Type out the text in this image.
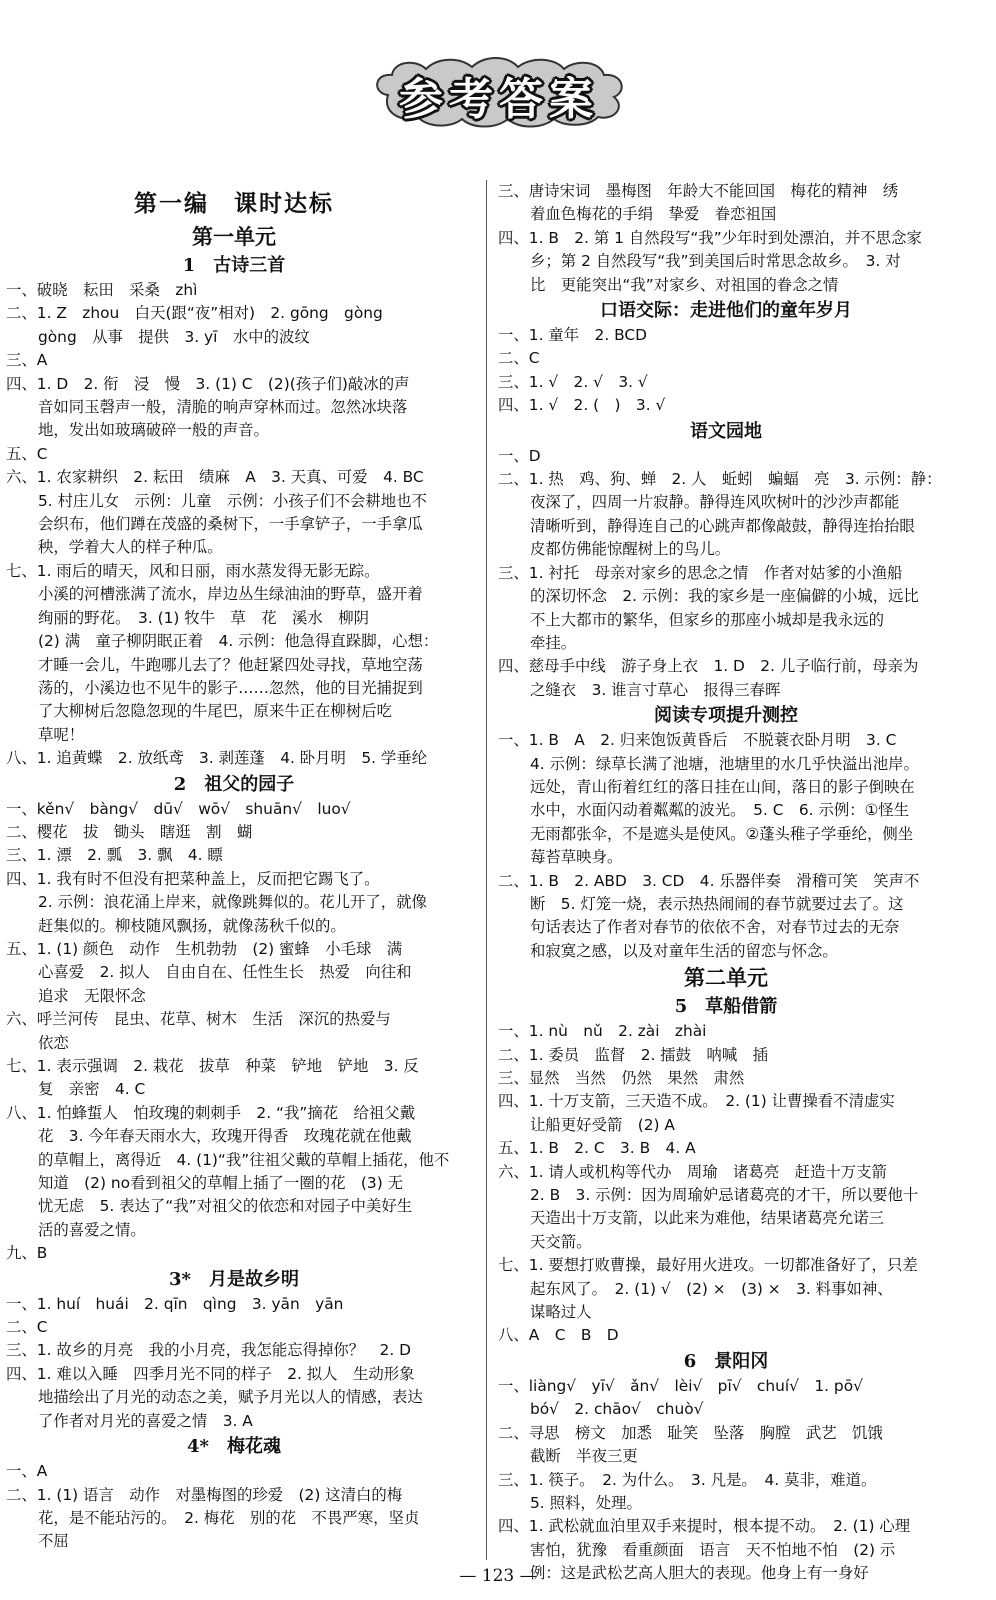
参考答案
第一编　课时达标
第一单元
1　古诗三首
一、破晓　耘田　采桑　zhì
二、1. Z　zhou　白天(跟“夜”相对)　2. gōng　gòng
gòng　从事　提供　3. yī　水中的波纹
三、A
四、1. D　2. 衔　浸　慢　3. (1) C　(2)(孩子们)敲冰的声
音如同玉磬声一般，清脆的响声穿林而过。忽然冰块落
地，发出如玻璃破碎一般的声音。
五、C
六、1. 农家耕织　2. 耘田　绩麻　A　3. 天真、可爱　4. BC
5. 村庄儿女　示例：儿童　示例：小孩子们不会耕地也不
会织布，他们蹲在茂盛的桑树下，一手拿铲子，一手拿瓜
秧，学着大人的样子种瓜。
七、1. 雨后的晴天，风和日丽，雨水蒸发得无影无踪。
小溪的河槽涨满了流水，岸边丛生绿油油的野草，盛开着
绚丽的野花。　3. (1) 牧牛　草　花　溪水　柳阴
(2) 满　童子柳阴眠正着　4. 示例：他急得直跺脚，心想：
才睡一会儿，牛跑哪儿去了？他赶紧四处寻找，草地空荡
荡的，小溪边也不见牛的影子……忽然，他的目光捕捉到
了大柳树后忽隐忽现的牛尾巴，原来牛正在柳树后吃
草呢！
八、1. 追黄蝶　2. 放纸鸢　3. 剥莲蓬　4. 卧月明　5. 学垂纶
2　祖父的园子
一、kěn√　bàng√　dū√　wō√　shuān√　luo√
二、樱花　拔　锄头　瞎逛　割　蝴
三、1. 漂　2. 瓢　3. 飘　4. 瞟
四、1. 我有时不但没有把菜种盖上，反而把它踢飞了。
2. 示例：浪花涌上岸来，就像跳舞似的。花儿开了，就像
赶集似的。柳枝随风飘扬，就像荡秋千似的。
五、1. (1) 颜色　动作　生机勃勃　(2) 蜜蜂　小毛球　满
心喜爱　2. 拟人　自由自在、任性生长　热爱　向往和
追求　无限怀念
六、呼兰河传　昆虫、花草、树木　生活　深沉的热爱与
依恋
七、1. 表示强调　2. 栽花　拔草　种菜　铲地　铲地　3. 反
复　亲密　4. C
八、1. 怕蜂蜇人　怕玫瑰的刺刺手　2. “我”摘花　给祖父戴
花　3. 今年春天雨水大，玫瑰开得香　玫瑰花就在他戴
的草帽上，离得近　4. (1)“我”往祖父戴的草帽上插花，他不
知道　(2) no看到祖父的草帽上插了一圈的花　(3) 无
忧无虑　5. 表达了“我”对祖父的依恋和对园子中美好生
活的喜爱之情。
九、B
3*　月是故乡明
一、1. huí　huái　2. qīn　qìng　3. yān　yān
二、C
三、1. 故乡的月亮　我的小月亮，我怎能忘得掉你？　2. D
四、1. 难以入睡　四季月光不同的样子　2. 拟人　生动形象
地描绘出了月光的动态之美，赋予月光以人的情感，表达
了作者对月光的喜爱之情　3. A
4*　梅花魂
一、A
二、1. (1) 语言　动作　对墨梅图的珍爱　(2) 这清白的梅
花，是不能玷污的。　2. 梅花　别的花　不畏严寒，坚贞
不屈
三、唐诗宋词　墨梅图　年龄大不能回国　梅花的精神　绣
着血色梅花的手绢　挚爱　眷恋祖国
四、1. B　2. 第 1 自然段写“我”少年时到处漂泊，并不思念家
乡；第 2 自然段写“我”到美国后时常思念故乡。　3. 对
比　更能突出“我”对家乡、对祖国的眷念之情
口语交际：走进他们的童年岁月
一、1. 童年　2. BCD
二、C
三、1. √　2. √　3. √
四、1. √　2. (　)　3. √
语文园地
一、D
二、1. 热　鸡、狗、蝉　2. 人　蚯蚓　蝙蝠　亮　3. 示例：静：
夜深了，四周一片寂静。静得连风吹树叶的沙沙声都能
清晰听到，静得连自己的心跳声都像敲鼓，静得连抬抬眼
皮都仿佛能惊醒树上的鸟儿。
三、1. 衬托　母亲对家乡的思念之情　作者对姑爹的小渔船
的深切怀念　2. 示例：我的家乡是一座偏僻的小城，远比
不上大都市的繁华，但家乡的那座小城却是我永远的
牵挂。
四、慈母手中线　游子身上衣　1. D　2. 儿子临行前，母亲为
之缝衣　3. 谁言寸草心　报得三春晖
阅读专项提升测控
一、1. B　A　2. 归来饱饭黄昏后　不脱蓑衣卧月明　3. C
4. 示例：绿草长满了池塘，池塘里的水几乎快溢出池岸。
远处，青山衔着红红的落日挂在山间，落日的影子倒映在
水中，水面闪动着粼粼的波光。　5. C　6. 示例：①怪生
无雨都张伞，不是遮头是使风。②蓬头稚子学垂纶，侧坐
莓苔草映身。
二、1. B　2. ABD　3. CD　4. 乐器伴奏　滑稽可笑　笑声不
断　5. 灯笼一烧，表示热热闹闹的春节就要过去了。这
句话表达了作者对春节的依依不舍，对春节过去的无奈
和寂寞之感，以及对童年生活的留恋与怀念。
第二单元
5　草船借箭
一、1. nù　nǔ　2. zài　zhài
二、1. 委员　监督　2. 擂鼓　呐喊　插
三、显然　当然　仍然　果然　肃然
四、1. 十万支箭，三天造不成。　2. (1) 让曹操看不清虚实
让船更好受箭　(2) A
五、1. B　2. C　3. B　4. A
六、1. 请人或机构等代办　周瑜　诸葛亮　赶造十万支箭
2. B　3. 示例：因为周瑜妒忌诸葛亮的才干，所以要他十
天造出十万支箭，以此来为难他，结果诸葛亮允诺三
天交箭。
七、1. 要想打败曹操，最好用火进攻。一切都准备好了，只差
起东风了。　2. (1) √　(2) ×　(3) ×　3. 料事如神、
谋略过人
八、A　C　B　D
6　景阳冈
一、liàng√　yī√　ǎn√　lèi√　pī√　chuí√　1. pō√
bó√　2. chāo√　chuò√
二、寻思　榜文　加悉　耻笑　坠落　胸膛　武艺　饥饿
截断　半夜三更
三、1. 筷子。　2. 为什么。　3. 凡是。　4. 莫非，难道。
5. 照料，处理。
四、1. 武松就血泊里双手来提时，根本提不动。　2. (1) 心理
害怕，犹豫　看重颜面　语言　天不怕地不怕　(2) 示
例：这是武松艺高人胆大的表现。他身上有一身好
— 123 —
